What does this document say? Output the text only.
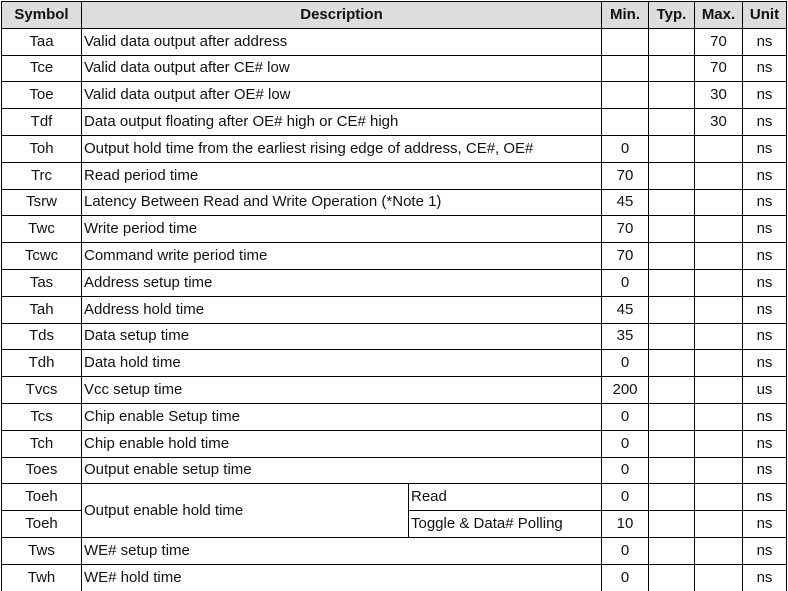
Symbol	Description		Min.	Typ.	Max.	Unit
Taa	Valid data output after address				70	ns
Tce	Valid data output after CE# low				70	ns
Toe	Valid data output after OE# low				30	ns
Tdf	Data output floating after OE# high or CE# high				30	ns
Toh	Output hold time from the earliest rising edge of address, CE#, OE#		0			ns
Trc	Read period time		70			ns
Tsrw	Latency Between Read and Write Operation (*Note 1)		45			ns
Twc	Write period time		70			ns
Tcwc	Command write period time		70			ns
Tas	Address setup time		0			ns
Tah	Address hold time		45			ns
Tds	Data setup time		35			ns
Tdh	Data hold time		0			ns
Tvcs	Vcc setup time		200			us
Tcs	Chip enable Setup time		0			ns
Tch	Chip enable hold time		0			ns
Toes	Output enable setup time		0			ns
Toeh	Output enable hold time	Read	0			ns
Toeh		Toggle & Data# Polling	10			ns
Tws	WE# setup time		0			ns
Twh	WE# hold time		0			ns
